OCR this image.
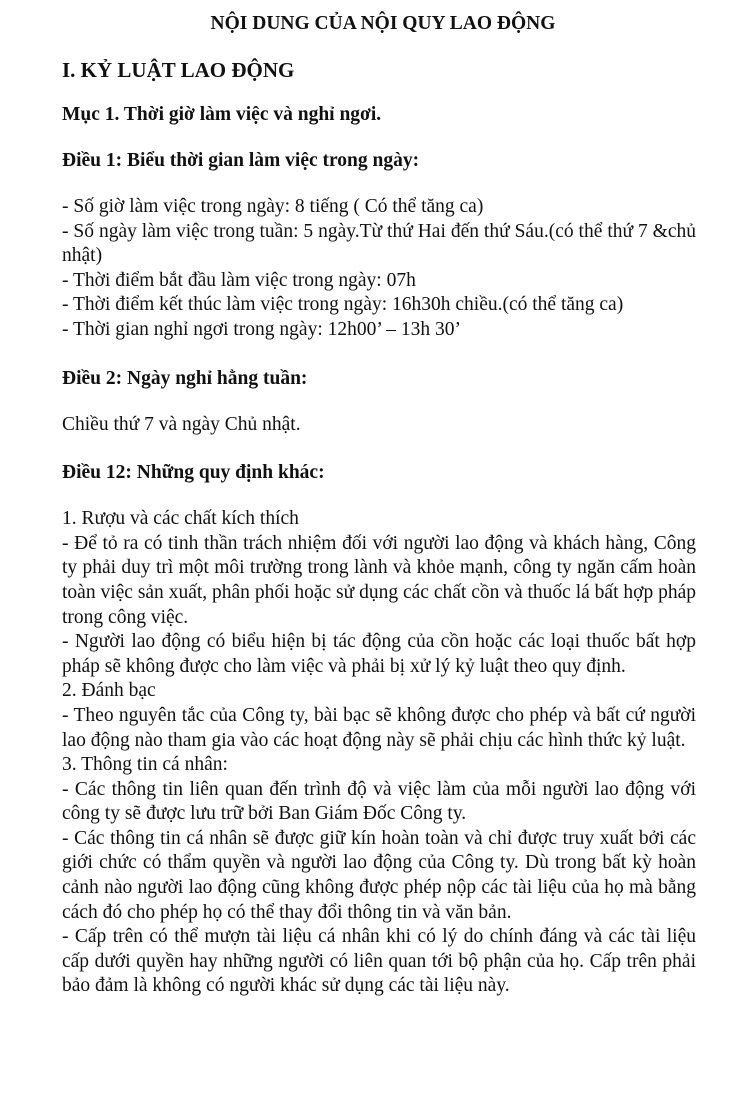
NỘI DUNG CỦA NỘI QUY LAO ĐỘNG
I. KỶ LUẬT LAO ĐỘNG
Mục 1. Thời giờ làm việc và nghỉ ngơi.
Điều 1: Biểu thời gian làm việc trong ngày:
- Số giờ làm việc trong ngày: 8 tiếng ( Có thể tăng ca)
- Số ngày làm việc trong tuần: 5 ngày.Từ thứ Hai đến thứ Sáu.(có thể thứ 7 &chủ nhật)
- Thời điểm bắt đầu làm việc trong ngày: 07h
- Thời điểm kết thúc làm việc trong ngày: 16h30h chiều.(có thể tăng ca)
- Thời gian nghỉ ngơi trong ngày: 12h00’ – 13h 30’
Điều 2: Ngày nghỉ hằng tuần:
Chiều thứ 7 và ngày Chủ nhật.
Điều 12: Những quy định khác:
1. Rượu và các chất kích thích
- Để tỏ ra có tinh thần trách nhiệm đối với người lao động và khách hàng, Công ty phải duy trì một môi trường trong lành và khỏe mạnh, công ty ngăn cấm hoàn toàn việc sản xuất, phân phối hoặc sử dụng các chất cồn và thuốc lá bất hợp pháp trong công việc.
- Người lao động có biểu hiện bị tác động của cồn hoặc các loại thuốc bất hợp pháp sẽ không được cho làm việc và phải bị xử lý kỷ luật theo quy định.
2. Đánh bạc
- Theo nguyên tắc của Công ty, bài bạc sẽ không được cho phép và bất cứ người lao động nào tham gia vào các hoạt động này sẽ phải chịu các hình thức kỷ luật.
3. Thông tin cá nhân:
- Các thông tin liên quan đến trình độ và việc làm của mỗi người lao động với công ty sẽ được lưu trữ bởi Ban Giám Đốc Công ty.
- Các thông tin cá nhân sẽ được giữ kín hoàn toàn và chỉ được truy xuất bởi các giới chức có thẩm quyền và người lao động của Công ty. Dù trong bất kỳ hoàn cảnh nào người lao động cũng không được phép nộp các tài liệu của họ mà bằng cách đó cho phép họ có thể thay đổi thông tin và văn bản.
- Cấp trên có thể mượn tài liệu cá nhân khi có lý do chính đáng và các tài liệu cấp dưới quyền hay những người có liên quan tới bộ phận của họ. Cấp trên phải bảo đảm là không có người khác sử dụng các tài liệu này.
